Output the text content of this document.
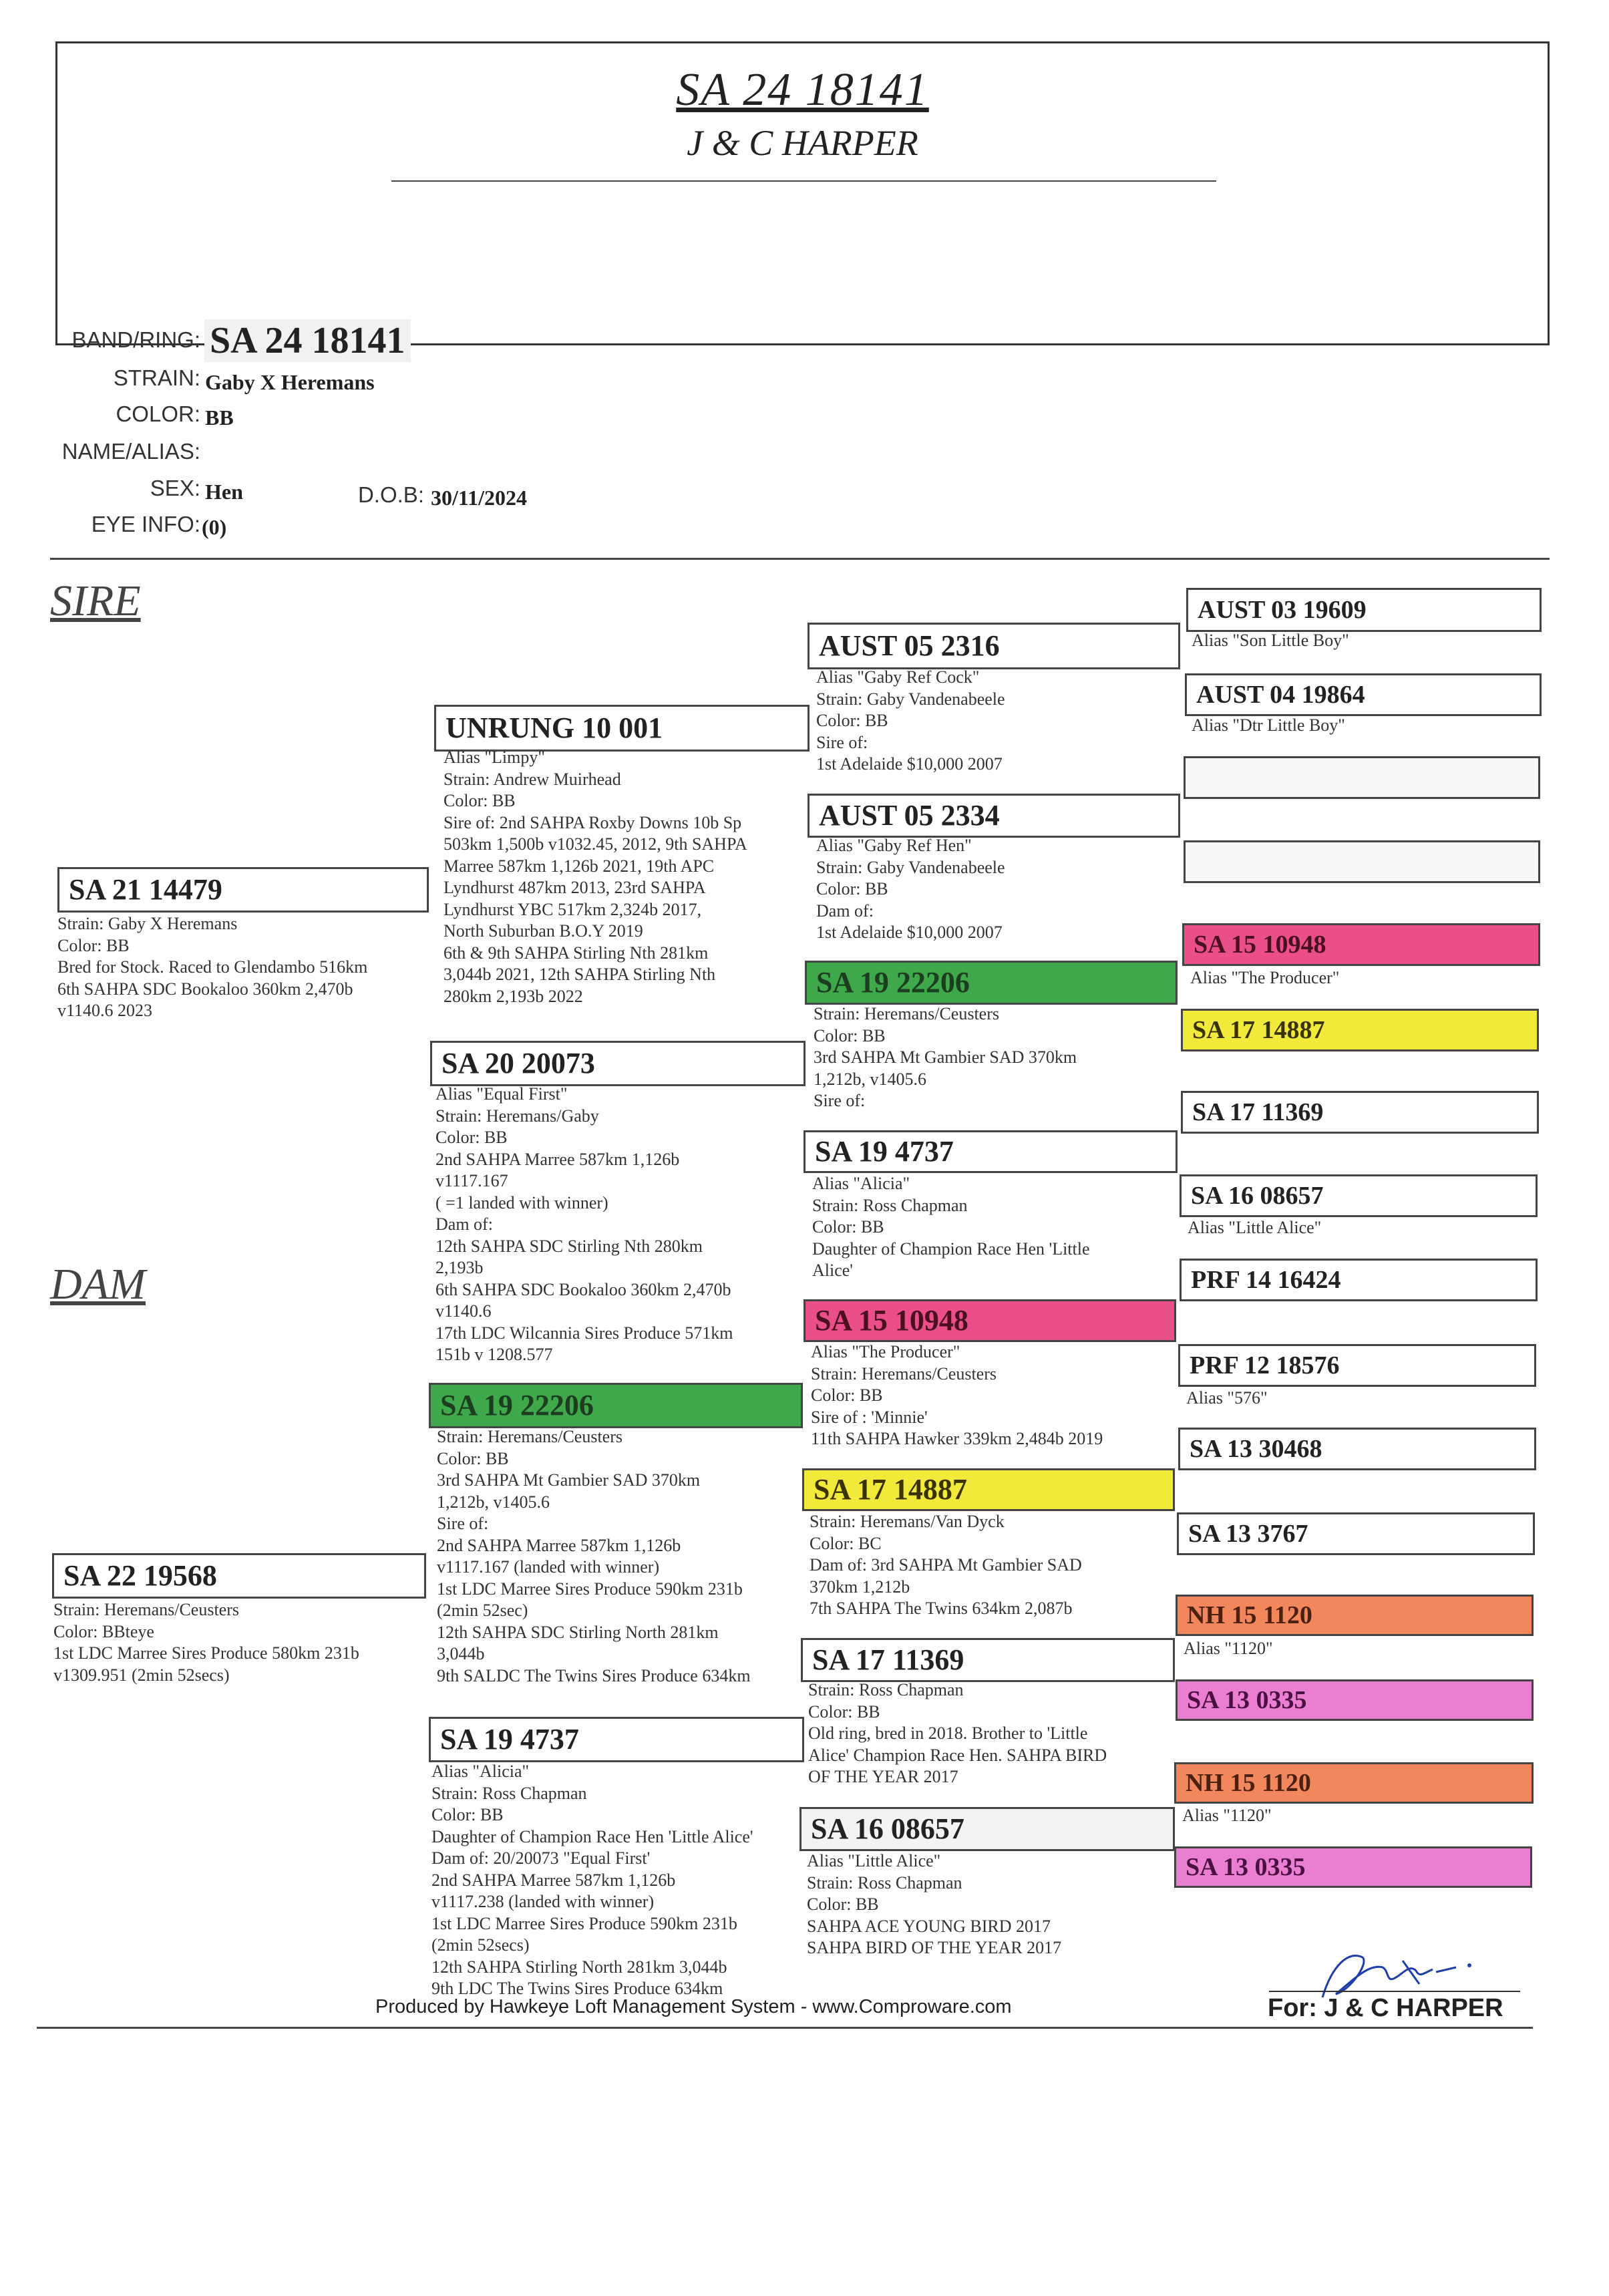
SA 24 18141
J & C HARPER
BAND/RING: SA 24 18141
STRAIN: Gaby X Heremans
COLOR: BB
NAME/ALIAS:
SEX: Hen	D.O.B: 30/11/2024
EYE INFO: (0)
SIRE
DAM
SA 21 14479
Strain: Gaby X Heremans
Color: BB
Bred for Stock. Raced to Glendambo 516km
6th SAHPA SDC Bookaloo 360km 2,470b
v1140.6 2023
SA 22 19568
Strain: Heremans/Ceusters
Color: BBteye
1st LDC Marree Sires Produce 580km 231b
v1309.951 (2min 52secs)
UNRUNG 10 001
Alias "Limpy"
Strain: Andrew Muirhead
Color: BB
Sire of: 2nd SAHPA Roxby Downs 10b Sp
503km 1,500b v1032.45, 2012, 9th SAHPA
Marree 587km 1,126b 2021, 19th APC
Lyndhurst 487km 2013, 23rd SAHPA
Lyndhurst YBC 517km 2,324b 2017,
North Suburban B.O.Y 2019
6th & 9th SAHPA Stirling Nth 281km
3,044b 2021, 12th SAHPA Stirling Nth
280km 2,193b 2022
SA 20 20073
Alias "Equal First"
Strain: Heremans/Gaby
Color: BB
2nd SAHPA Marree 587km 1,126b
v1117.167
( =1 landed with winner)
Dam of:
12th SAHPA SDC Stirling Nth 280km
2,193b
6th SAHPA SDC Bookaloo 360km 2,470b
v1140.6
17th LDC Wilcannia Sires Produce 571km
151b v 1208.577
SA 19 22206
Strain: Heremans/Ceusters
Color: BB
3rd SAHPA Mt Gambier SAD 370km
1,212b, v1405.6
Sire of:
2nd SAHPA Marree 587km 1,126b
v1117.167 (landed with winner)
1st LDC Marree Sires Produce 590km 231b
(2min 52sec)
12th SAHPA SDC Stirling North 281km
3,044b
9th SALDC The Twins Sires Produce 634km
SA 19 4737
Alias "Alicia"
Strain: Ross Chapman
Color: BB
Daughter of Champion Race Hen 'Little Alice'
Dam of: 20/20073 "Equal First'
2nd SAHPA Marree 587km 1,126b
v1117.238 (landed with winner)
1st LDC Marree Sires Produce 590km 231b
(2min 52secs)
12th SAHPA Stirling North 281km 3,044b
9th LDC The Twins Sires Produce 634km
AUST 05 2316
Alias "Gaby Ref Cock"
Strain: Gaby Vandenabeele
Color: BB
Sire of:
1st Adelaide $10,000 2007
AUST 05 2334
Alias "Gaby Ref Hen"
Strain: Gaby Vandenabeele
Color: BB
Dam of:
1st Adelaide $10,000 2007
SA 19 22206
Strain: Heremans/Ceusters
Color: BB
3rd SAHPA Mt Gambier SAD 370km
1,212b, v1405.6
Sire of:
SA 19 4737
Alias "Alicia"
Strain: Ross Chapman
Color: BB
Daughter of Champion Race Hen 'Little
Alice'
SA 15 10948
Alias "The Producer"
Strain: Heremans/Ceusters
Color: BB
Sire of : 'Minnie'
11th SAHPA Hawker 339km 2,484b 2019
SA 17 14887
Strain: Heremans/Van Dyck
Color: BC
Dam of: 3rd SAHPA Mt Gambier SAD
370km 1,212b
7th SAHPA The Twins 634km 2,087b
SA 17 11369
Strain: Ross Chapman
Color: BB
Old ring, bred in 2018. Brother to 'Little
Alice' Champion Race Hen. SAHPA BIRD
OF THE YEAR 2017
SA 16 08657
Alias "Little Alice"
Strain: Ross Chapman
Color: BB
SAHPA ACE YOUNG BIRD 2017
SAHPA BIRD OF THE YEAR 2017
AUST 03 19609
Alias "Son Little Boy"
AUST 04 19864
Alias "Dtr Little Boy"
SA 15 10948
Alias "The Producer"
SA 17 14887
SA 17 11369
SA 16 08657
Alias "Little Alice"
PRF 14 16424
PRF 12 18576
Alias "576"
SA 13 30468
SA 13 3767
NH 15 1120
Alias "1120"
SA 13 0335
NH 15 1120
Alias "1120"
SA 13 0335
Produced by Hawkeye Loft Management System - www.Comproware.com	For: J & C HARPER
